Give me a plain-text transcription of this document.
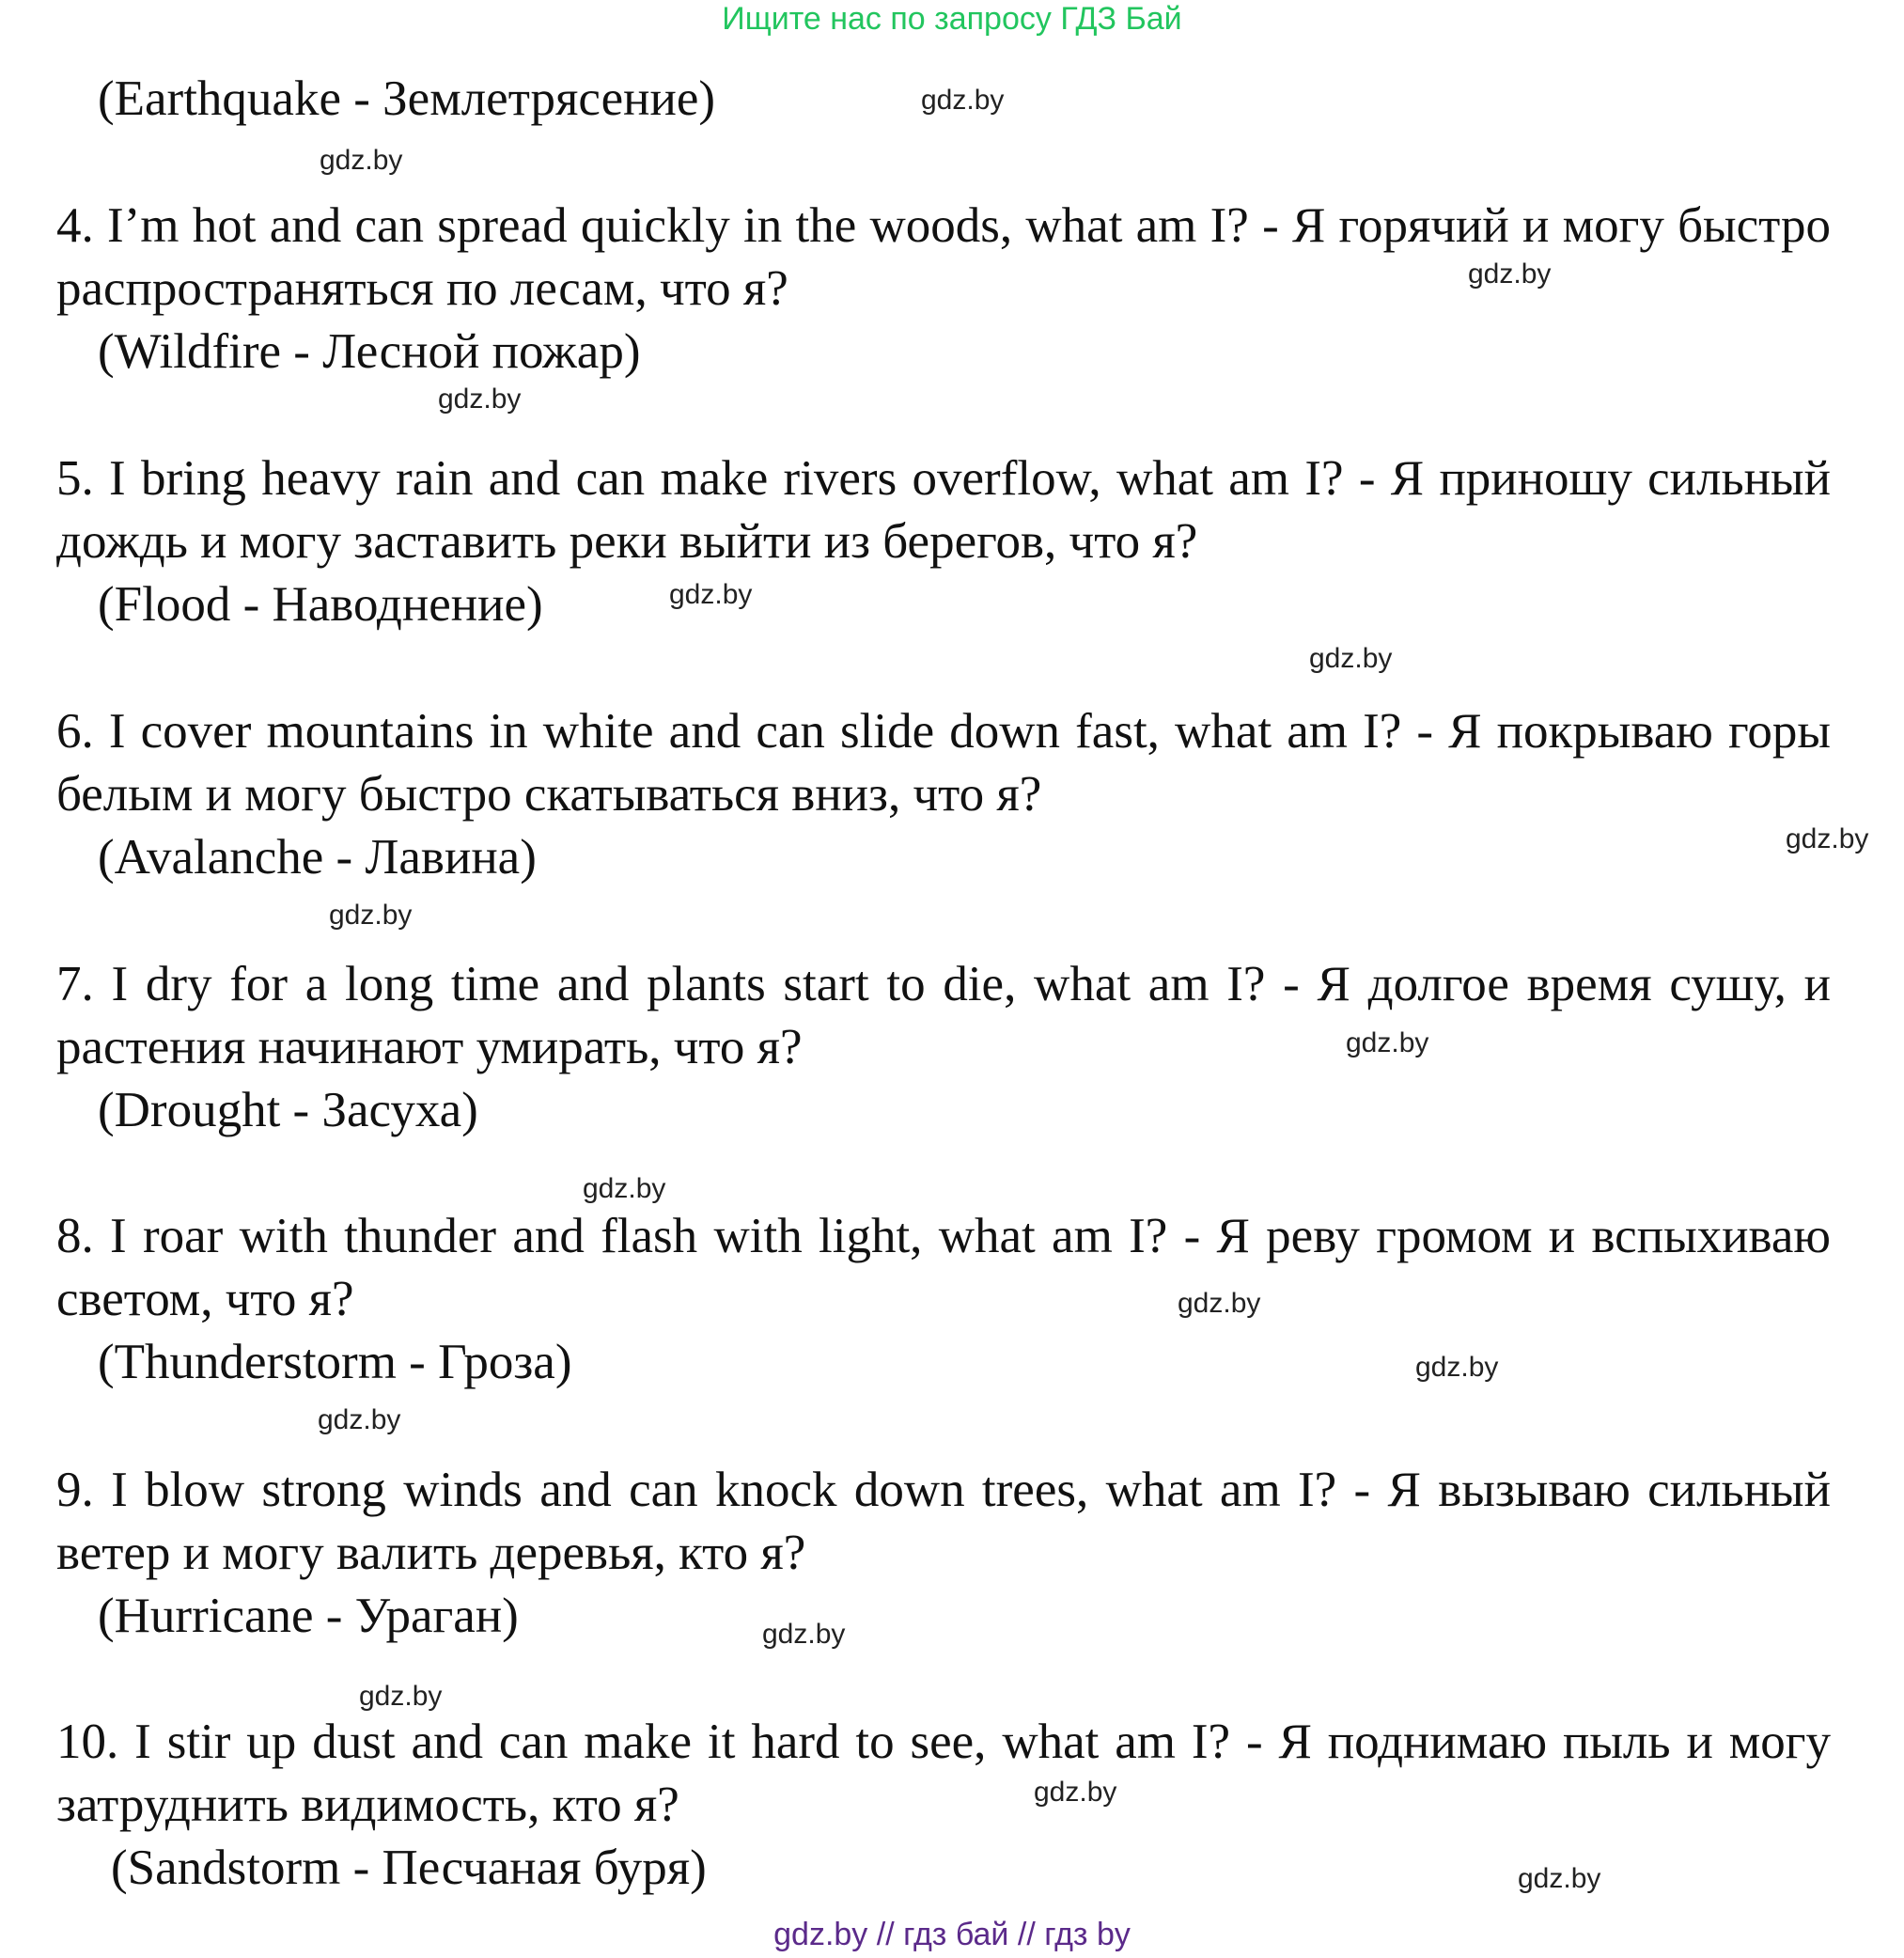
Ищите нас по запросу ГДЗ Бай

(Earthquake - Землетрясение)

4. I’m hot and can spread quickly in the woods, what am I? - Я горячий и могу быстро распространяться по лесам, что я?

(Wildfire - Лесной пожар)

5. I bring heavy rain and can make rivers overflow, what am I? - Я приношу сильный дождь и могу заставить реки выйти из берегов, что я?

(Flood - Наводнение)

6. I cover mountains in white and can slide down fast, what am I? - Я покрываю горы белым и могу быстро скатываться вниз, что я?

(Avalanche - Лавина)

7. I dry for a long time and plants start to die, what am I? - Я долгое время сушу, и растения начинают умирать, что я?

(Drought - Засуха)

8. I roar with thunder and flash with light, what am I? - Я реву громом и вспыхиваю светом, что я?

(Thunderstorm - Гроза)

9. I blow strong winds and can knock down trees, what am I? - Я вызываю сильный ветер и могу валить деревья, кто я?

(Hurricane - Ураган)

10. I stir up dust and can make it hard to see, what am I? - Я поднимаю пыль и могу затруднить видимость, кто я?

(Sandstorm - Песчаная буря)

gdz.by
gdz.by
gdz.by
gdz.by
gdz.by
gdz.by
gdz.by
gdz.by
gdz.by
gdz.by
gdz.by
gdz.by
gdz.by
gdz.by
gdz.by
gdz.by
gdz.by
gdz.by // гдз бай // гдз by
